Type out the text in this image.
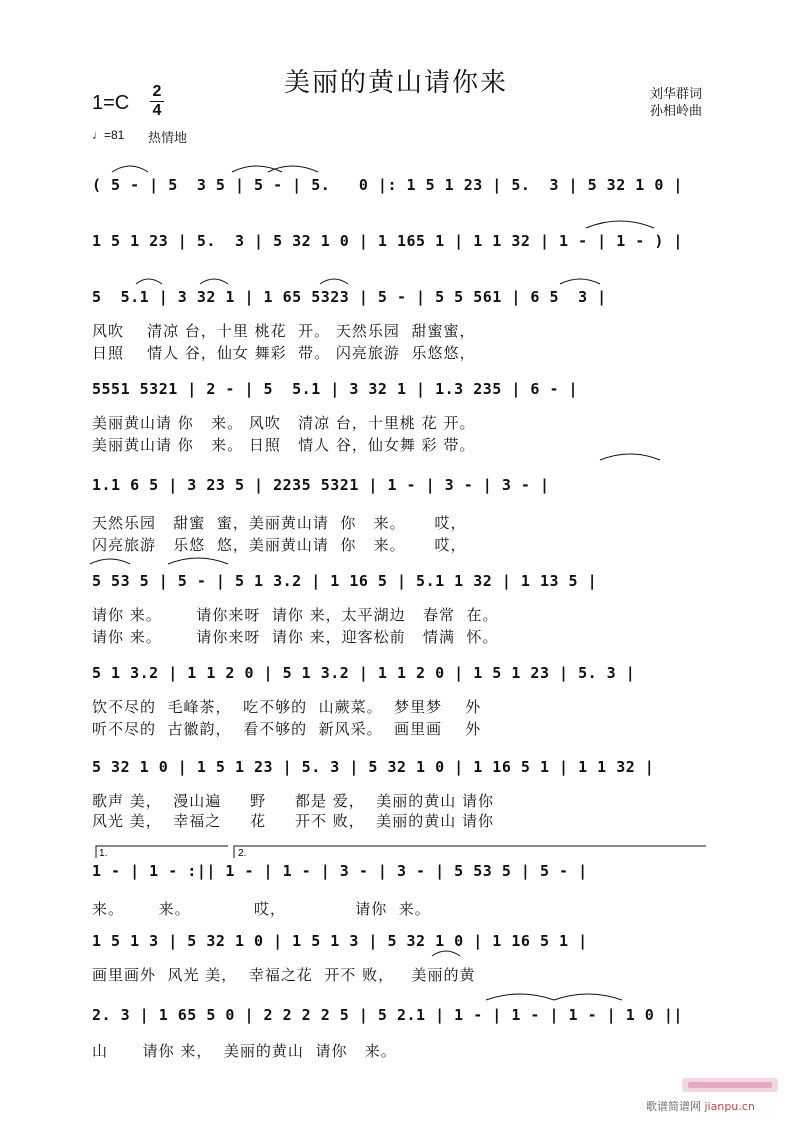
美丽的黄山请你来
1=C
2
4
刘华群词
孙相岭曲
♩=81 热情地
( 5 - | 5  3 5 | 5 - | 5.   0 |: 1 5 1 23 | 5.  3 | 5 32 1 0 |
1 5 1 23 | 5.  3 | 5 32 1 0 | 1 165 1 | 1 1 32 | 1 - | 1 - ) |
5  5.1 | 3 32 1 | 1 65 5323 | 5 - | 5 5 561 | 6 5  3 |
风吹    清凉 台，十里 桃花  开。 天然乐园  甜蜜蜜，
日照    情人 谷，仙女 舞彩  带。 闪亮旅游  乐悠悠，
5551 5321 | 2 - | 5  5.1 | 3 32 1 | 1.3 235 | 6 - |
美丽黄山请 你   来。 风吹   清凉 台，十里桃 花 开。
美丽黄山请 你   来。 日照   情人 谷，仙女舞 彩 带。
1.1 6 5 | 3 23 5 | 2235 5321 | 1 - | 3 - | 3 - |
天然乐园   甜蜜  蜜，美丽黄山请  你   来。     哎，
闪亮旅游   乐悠  悠，美丽黄山请  你   来。     哎，
5 53 5 | 5 - | 5 1 3.2 | 1 16 5 | 5.1 1 32 | 1 13 5 |
请你 来。      请你来呀  请你 来，太平湖边   春常  在。
请你 来。      请你来呀  请你 来，迎客松前   情满  怀。
5 1 3.2 | 1 1 2 0 | 5 1 3.2 | 1 1 2 0 | 1 5 1 23 | 5. 3 |
饮不尽的  毛峰茶，  吃不够的  山蕨菜。  梦里梦    外
听不尽的  古徽韵，  看不够的  新风采。  画里画    外
5 32 1 0 | 1 5 1 23 | 5. 3 | 5 32 1 0 | 1 16 5 1 | 1 1 32 |
歌声 美，  漫山遍     野     都是 爱，  美丽的黄山 请你
风光 美，  幸福之     花     开不 败，  美丽的黄山 请你
1 - | 1 - :|| 1 - | 1 - | 3 - | 3 - | 5 53 5 | 5 - |
来。      来。           哎，            请你  来。
1 5 1 3 | 5 32 1 0 | 1 5 1 3 | 5 32 1 0 | 1 16 5 1 |
画里画外  风光 美，  幸福之花  开不 败，   美丽的黄
2. 3 | 1 65 5 0 | 2 2 2 2 5 | 5 2.1 | 1 - | 1 - | 1 - | 1 0 ||
山      请你 来，  美丽的黄山  请你   来。
1.	2.
歌谱简谱网 jianpu.cn
